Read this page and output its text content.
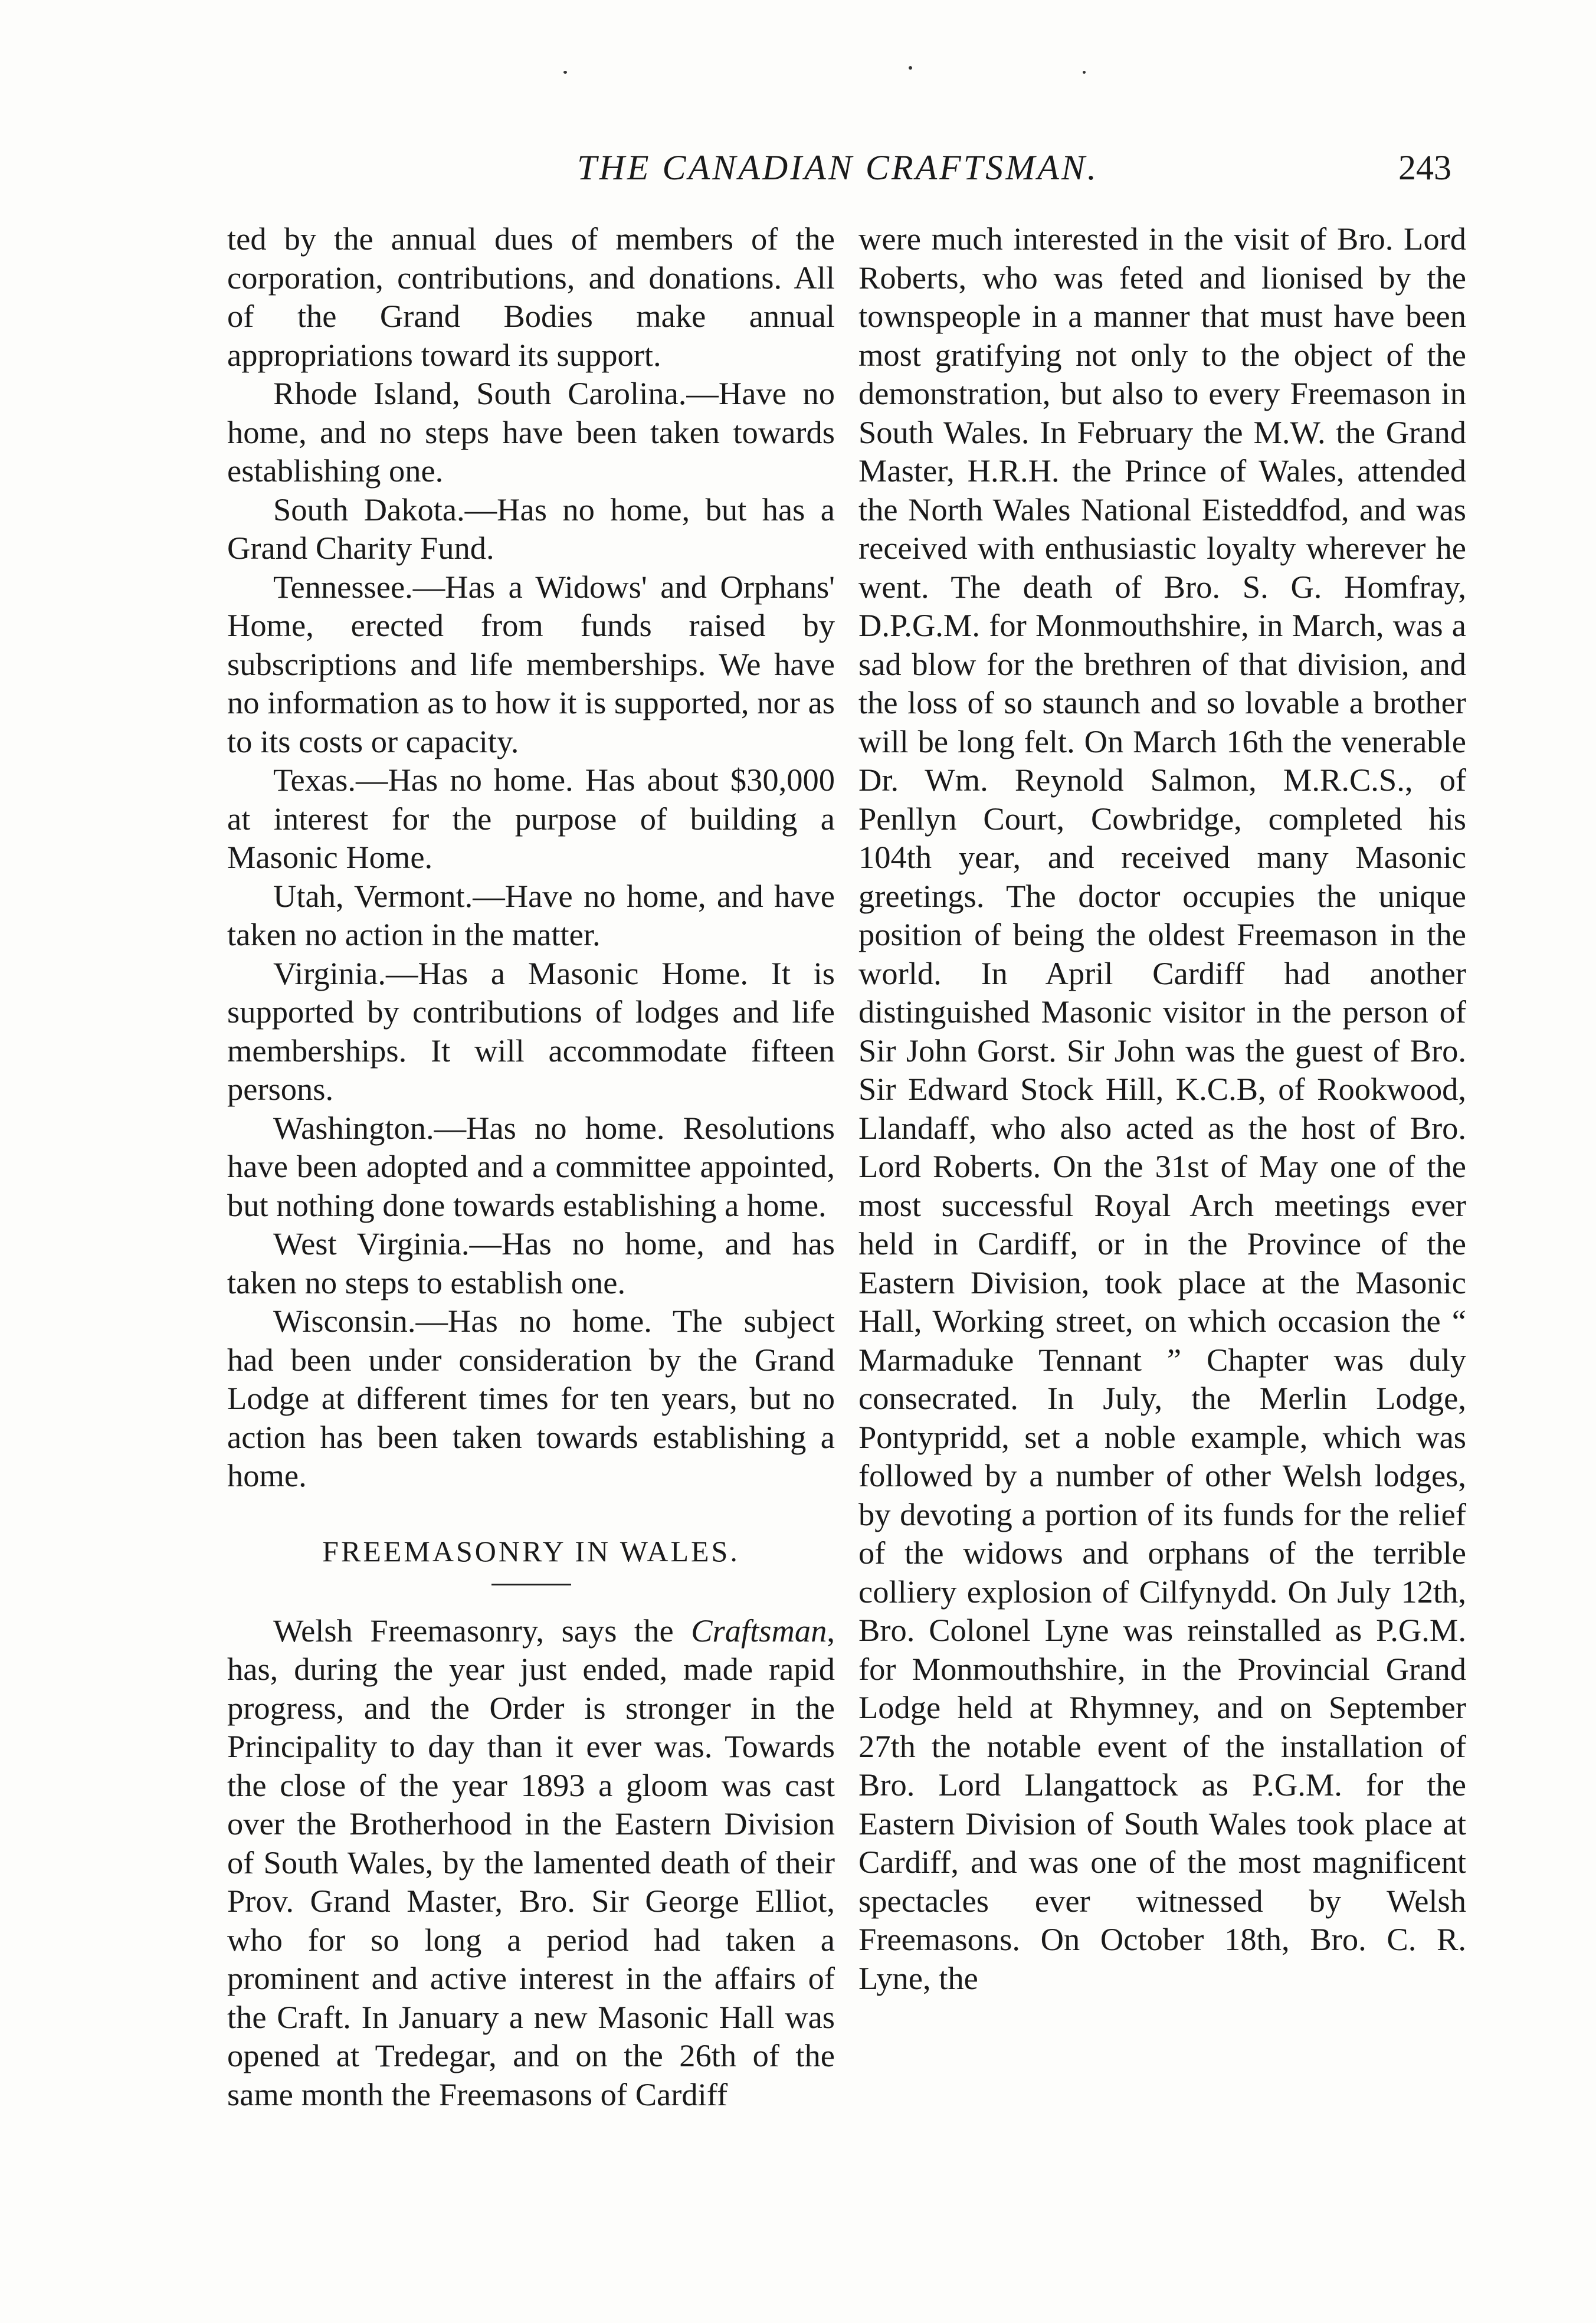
THE CANADIAN CRAFTSMAN.	243

ted by the annual dues of members of the corporation, contributions, and donations. All of the Grand Bodies make annual appropriations toward its support.

Rhode Island, South Carolina.—Have no home, and no steps have been taken towards establishing one.

South Dakota.—Has no home, but has a Grand Charity Fund.

Tennessee.—Has a Widows' and Orphans' Home, erected from funds raised by subscriptions and life memberships. We have no information as to how it is supported, nor as to its costs or capacity.

Texas.—Has no home. Has about $30,000 at interest for the purpose of building a Masonic Home.

Utah, Vermont.—Have no home, and have taken no action in the matter.

Virginia.—Has a Masonic Home. It is supported by contributions of lodges and life memberships. It will accommodate fifteen persons.

Washington.—Has no home. Resolutions have been adopted and a committee appointed, but nothing done towards establishing a home.

West Virginia.—Has no home, and has taken no steps to establish one.

Wisconsin.—Has no home. The subject had been under consideration by the Grand Lodge at different times for ten years, but no action has been taken towards establishing a home.

FREEMASONRY IN WALES.

Welsh Freemasonry, says the Craftsman, has, during the year just ended, made rapid progress, and the Order is stronger in the Principality to day than it ever was. Towards the close of the year 1893 a gloom was cast over the Brotherhood in the Eastern Division of South Wales, by the lamented death of their Prov. Grand Master, Bro. Sir George Elliot, who for so long a period had taken a prominent and active interest in the affairs of the Craft. In January a new Masonic Hall was opened at Tredegar, and on the 26th of the same month the Freemasons of Cardiff

were much interested in the visit of Bro. Lord Roberts, who was feted and lionised by the townspeople in a manner that must have been most gratifying not only to the object of the demonstration, but also to every Freemason in South Wales. In February the M.W. the Grand Master, H.R.H. the Prince of Wales, attended the North Wales National Eisteddfod, and was received with enthusiastic loyalty wherever he went. The death of Bro. S. G. Homfray, D.P.G.M. for Monmouthshire, in March, was a sad blow for the brethren of that division, and the loss of so staunch and so lovable a brother will be long felt. On March 16th the venerable Dr. Wm. Reynold Salmon, M.R.C.S., of Penllyn Court, Cowbridge, completed his 104th year, and received many Masonic greetings. The doctor occupies the unique position of being the oldest Freemason in the world. In April Cardiff had another distinguished Masonic visitor in the person of Sir John Gorst. Sir John was the guest of Bro. Sir Edward Stock Hill, K.C.B, of Rookwood, Llandaff, who also acted as the host of Bro. Lord Roberts. On the 31st of May one of the most successful Royal Arch meetings ever held in Cardiff, or in the Province of the Eastern Division, took place at the Masonic Hall, Working street, on which occasion the “ Marmaduke Tennant ” Chapter was duly consecrated. In July, the Merlin Lodge, Pontypridd, set a noble example, which was followed by a number of other Welsh lodges, by devoting a portion of its funds for the relief of the widows and orphans of the terrible colliery explosion of Cilfynydd. On July 12th, Bro. Colonel Lyne was reinstalled as P.G.M. for Monmouthshire, in the Provincial Grand Lodge held at Rhymney, and on September 27th the notable event of the installation of Bro. Lord Llangattock as P.G.M. for the Eastern Division of South Wales took place at Cardiff, and was one of the most magnificent spectacles ever witnessed by Welsh Freemasons. On October 18th, Bro. C. R. Lyne, the
